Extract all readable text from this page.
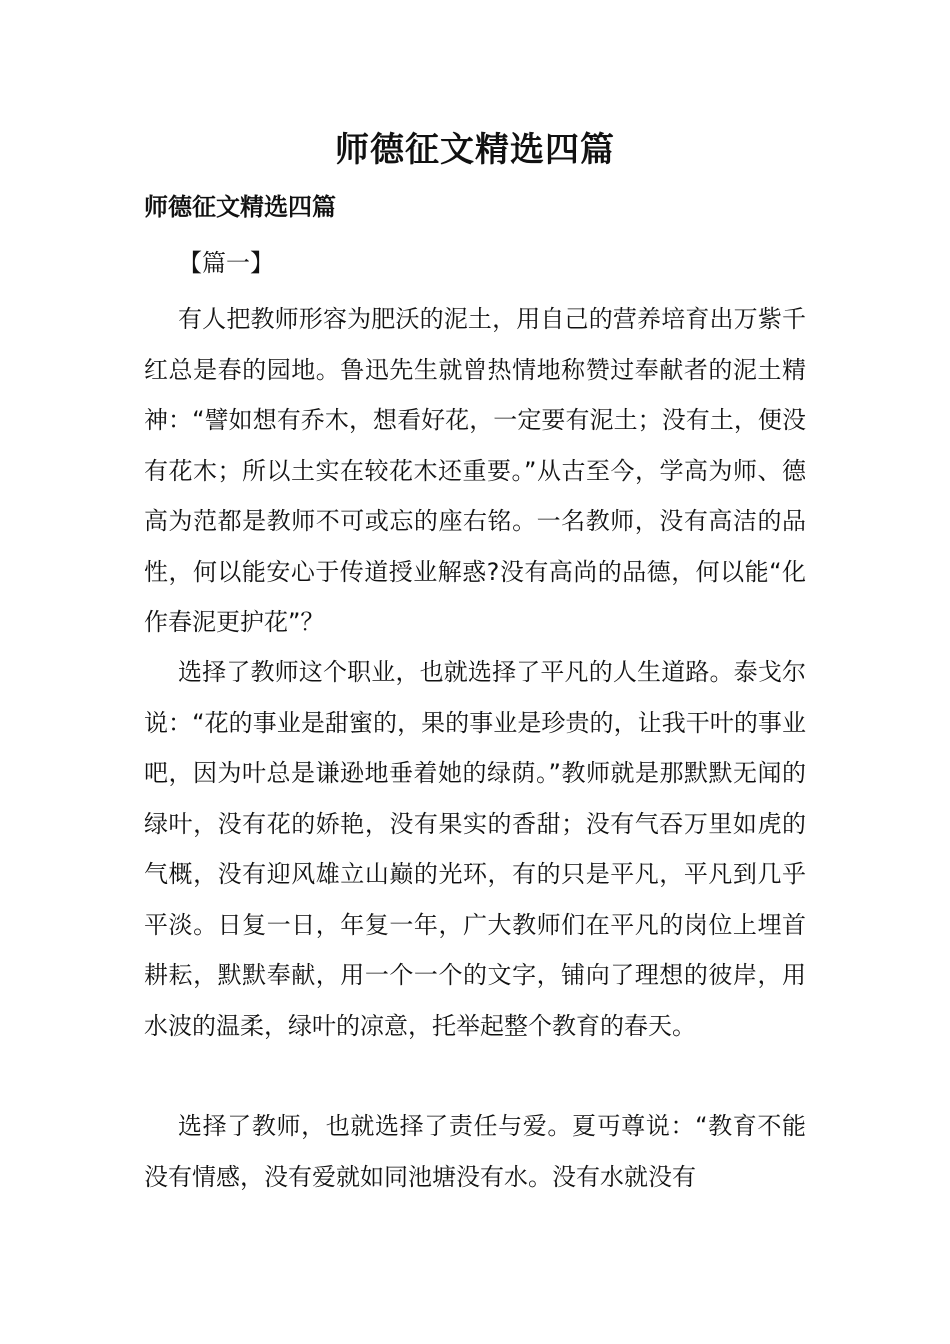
师德征文精选四篇
师德征文精选四篇

【篇一】

有人把教师形容为肥沃的泥土，用自己的营养培育出万紫千红总是春的园地。鲁迅先生就曾热情地称赞过奉献者的泥土精神：“譬如想有乔木，想看好花，一定要有泥土；没有土，便没有花木；所以土实在较花木还重要。”从古至今，学高为师、德高为范都是教师不可或忘的座右铭。一名教师，没有高洁的品性，何以能安心于传道授业解惑?没有高尚的品德，何以能“化作春泥更护花”？

选择了教师这个职业，也就选择了平凡的人生道路。泰戈尔说：“花的事业是甜蜜的，果的事业是珍贵的，让我干叶的事业吧，因为叶总是谦逊地垂着她的绿荫。”教师就是那默默无闻的绿叶，没有花的娇艳，没有果实的香甜；没有气吞万里如虎的气概，没有迎风雄立山巅的光环，有的只是平凡，平凡到几乎平淡。日复一日，年复一年，广大教师们在平凡的岗位上埋首耕耘，默默奉献，用一个一个的文字，铺向了理想的彼岸，用水波的温柔，绿叶的凉意，托举起整个教育的春天。

选择了教师，也就选择了责任与爱。夏丏尊说：“教育不能没有情感，没有爱就如同池塘没有水。没有水就没有
